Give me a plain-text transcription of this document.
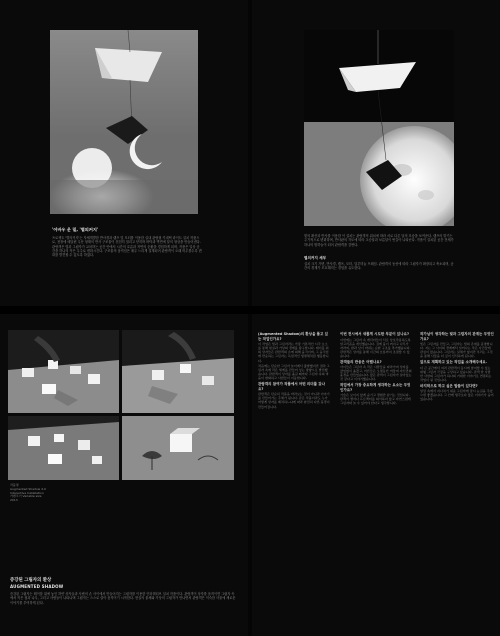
'어바우 운 밀, '별의커지'

프로젝트 '별의커지'는 자체개발한 반사경과 램프 및 모터를 이용한 실내 관람형 키네틱 라이트 설치 작품으로, 천장에 매달린 우산 형태의 반사 구조물이 천천히 열리고 닫히며 바닥과 벽면에 달의 형상을 만들어낸다. 관람객은 빛과 그림자가 교차하는 공간 안에서 시간의 흐름과 자연의 순환을 경험하게 되며, 작품은 일상 공간을 하나의 작은 우주로 변화시킨다. 구조물의 움직임은 매우 느리게 설계되어 관람객이 오래 머무를수록 변화를 발견할 수 있도록 하였다.

빛의 확산과 반사를 이용한 이 설치는 관람객의 위치에 따라 서로 다른 달의 모습을 보여준다. 램프의 밝기는 주기적으로 변화하며, 반사판의 각도에 따라 초승달과 보름달이 번갈아 나타난다. 작품이 설치된 공간 전체가 하나의 밤하늘이 되어 관람객을 감싼다.

별의커지 세부

설치 크기 가변, 반사경, 램프, 모터, 알루미늄 프레임. 관람객의 동선에 따라 그림자가 확장되고 축소되며, 공간의 경계가 모호해지는 경험을 유도한다.

작품명
Augmented Shadow 2.0
Interactive Installation
가변크기 Variable size
2013

증강된 그림자의 환상

AUGMENTED SHADOW

증강된 그림자는 테이블 위에 놓인 하얀 상자들과 사람의 손 사이에서 만들어지는 그림자를 이용한 인터랙티브 설치 작품이다. 관람객이 상자를 움직이면 그림자 속에서 작은 집과 나무, 그리고 사람들이 나타나며 그림자는 스스로 살아 움직이기 시작한다. 현실의 물체와 가상의 그림자가 만나면서 관람객은 익숙한 사물에 새로운 이야기를 부여하게 된다.

(Augmented Shadow)의 환상을 품고 있는 작업인가요?

이 작업은 빛과 그림자라는 가장 기본적인 시각 요소를 통해 현실과 가상의 경계를 탐구합니다. 테이블 위의 상자들은 관람객의 손에 의해 움직이며, 그 움직임에 반응하는 그림자는 독립적인 생명체처럼 행동합니다.

처음에는 단순한 그림자 놀이에서 출발했지만 점차 그림자 속에 작은 세계를 만들어 넣는 방향으로 발전했습니다. 관람객이 상자를 옮길 때마다 그림자 속의 마을이 변화하고 사람들이 이동합니다.

관람객의 참여가 작품에서 어떤 의미를 갖나요?

관람객은 단순히 작품을 바라보는 것이 아니라 이야기를 만들어가는 주체가 됩니다. 같은 작품이라도 누가 어떻게 상자를 배치하느냐에 따라 완전히 다른 풍경이 만들어집니다.

이번 전시에서 새롭게 시도한 부분이 있나요?

이번에는 그림자 속 캐릭터들이 서로 상호작용하도록 알고리즘을 개선했습니다. 집에 불이 켜지고 나무가 자라며, 밤과 낮이 바뀌는 순환 구조를 추가했습니다. 관람객은 상자를 통해 시간의 흐름까지 조절할 수 있습니다.

관객들의 반응은 어땠나요?

아이들은 그림자 속 작은 사람들을 따라가며 상자를 끊임없이 옮겼고, 어른들은 오랫동안 머물며 자신만의 풍경을 만들었습니다. 많은 관객이 그림자가 살아있는 것 같다고 이야기했습니다.

작업에서 가장 중요하게 생각하는 요소는 무엇인가요?

기술은 보이지 않게 숨기고 경험만 남기는 것입니다. 관객이 센서나 프로젝터를 의식하지 않고 자연스럽게 그림자와 놀 수 있어야 한다고 생각합니다.

작가님이 생각하는 빛과 그림자의 관계는 무엇인가요?

빛은 그림자를 만들고, 그림자는 빛의 존재를 증명합니다. 저는 그 사이의 경계에서 일어나는 작은 사건들에 관심이 많습니다. 그림자는 실체가 없지만 우리는 그것을 통해 사물을 더 깊이 인식하게 됩니다.

앞으로 계획하고 있는 작업을 소개해주세요.

더 큰 공간에서 여러 관람객이 동시에 참여할 수 있는 대형 그림자 극장을 구상하고 있습니다. 관객 한 사람 한 사람의 그림자가 하나의 거대한 이야기로 연결되는 작업이 될 것입니다.

마지막으로 하고 싶은 말씀이 있다면?

일상 속에서 지나치기 쉬운 그림자에 잠시 눈길을 주셨으면 좋겠습니다. 그 안에 생각보다 많은 이야기가 숨어 있습니다.
